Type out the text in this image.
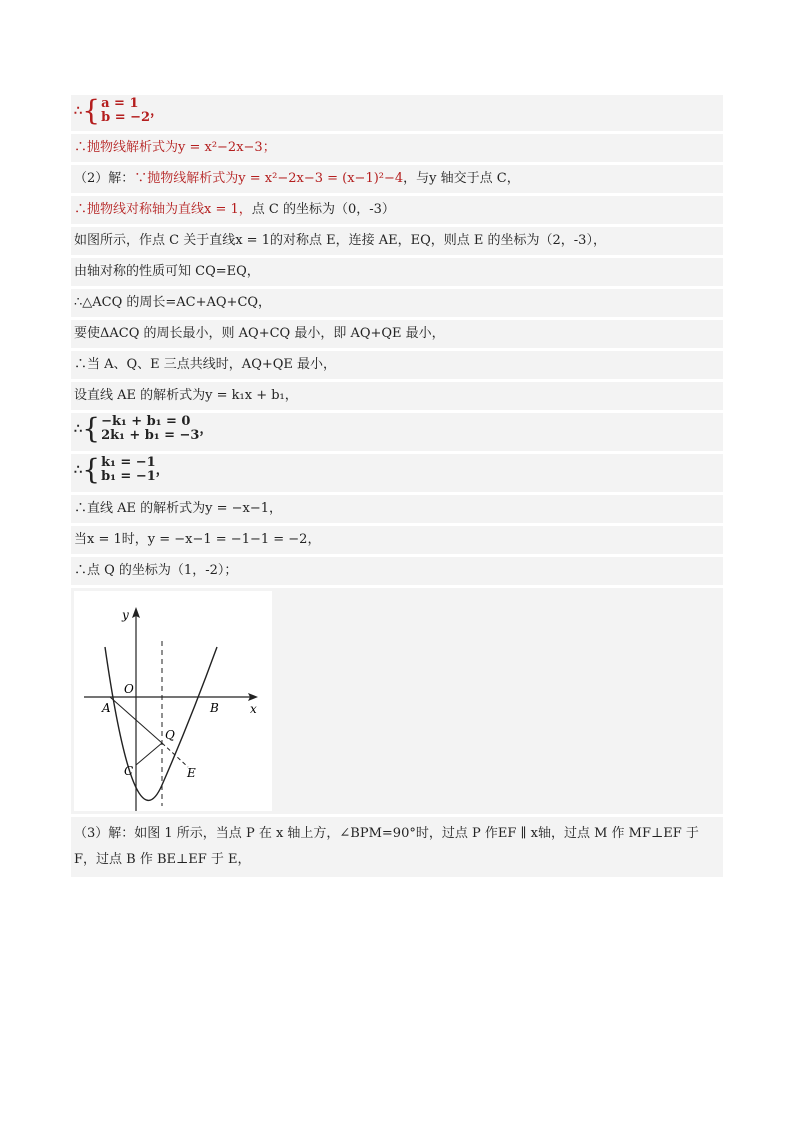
∴{a = 1
b = −2，
∴抛物线解析式为y = x²−2x−3；
（2）解：∵抛物线解析式为y = x²−2x−3 = (x−1)²−4，与y 轴交于点 C，
∴抛物线对称轴为直线x = 1，点 C 的坐标为（0，-3）
如图所示，作点 C 关于直线x = 1的对称点 E，连接 AE，EQ，则点 E 的坐标为（2，-3），
由轴对称的性质可知 CQ=EQ，
∴△ACQ 的周长=AC+AQ+CQ，
要使ΔACQ 的周长最小，则 AQ+CQ 最小，即 AQ+QE 最小，
∴当 A、Q、E 三点共线时，AQ+QE 最小，
设直线 AE 的解析式为y = k₁x + b₁，
∴{−k₁ + b₁ = 0
2k₁ + b₁ = −3，
∴{k₁ = −1
b₁ = −1，
∴直线 AE 的解析式为y = −x−1，
当x = 1时，y = −x−1 = −1−1 = −2，
∴点 Q 的坐标为（1，-2）；
y
x
O
A	B
Q
C	E
（3）解：如图 1 所示，当点 P 在 x 轴上方，∠BPM=90°时，过点 P 作EF ∥ x轴，过点 M 作 MF⊥EF 于
F，过点 B 作 BE⊥EF 于 E，
